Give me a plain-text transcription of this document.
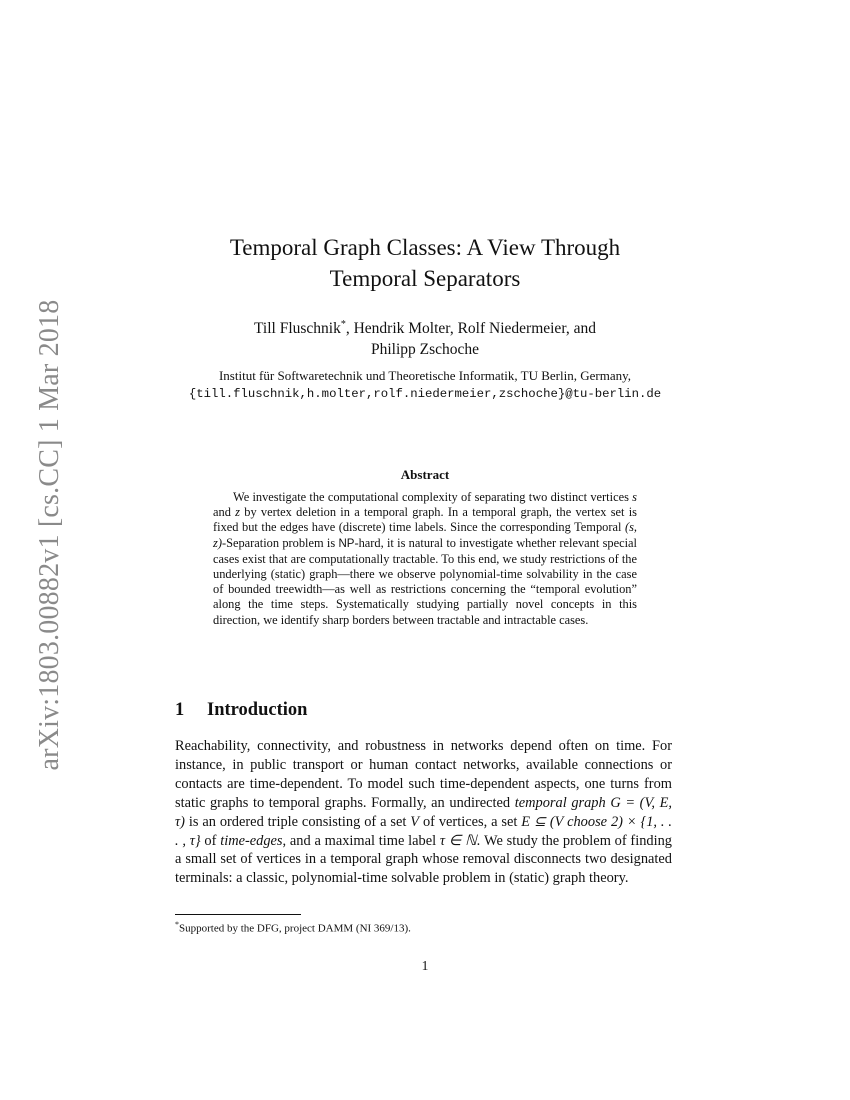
arXiv:1803.00882v1 [cs.CC] 1 Mar 2018
Temporal Graph Classes: A View Through
Temporal Separators
Till Fluschnik*, Hendrik Molter, Rolf Niedermeier, and
Philipp Zschoche
Institut für Softwaretechnik und Theoretische Informatik, TU Berlin, Germany,
{till.fluschnik,h.molter,rolf.niedermeier,zschoche}@tu-berlin.de
Abstract

We investigate the computational complexity of separating two distinct vertices s and z by vertex deletion in a temporal graph. In a temporal graph, the vertex set is fixed but the edges have (discrete) time labels. Since the corresponding Temporal (s, z)-Separation problem is NP-hard, it is natural to investigate whether relevant special cases exist that are computationally tractable. To this end, we study restrictions of the underlying (static) graph—there we observe polynomial-time solvability in the case of bounded treewidth—as well as restrictions concerning the “temporal evolution” along the time steps. Systematically studying partially novel concepts in this direction, we identify sharp borders between tractable and intractable cases.

1 Introduction

Reachability, connectivity, and robustness in networks depend often on time. For instance, in public transport or human contact networks, available connections or contacts are time-dependent. To model such time-dependent aspects, one turns from static graphs to temporal graphs. Formally, an undirected temporal graph G = (V, E, τ) is an ordered triple consisting of a set V of vertices, a set E ⊆ (V choose 2) × {1, . . . , τ} of time-edges, and a maximal time label τ ∈ ℕ. We study the problem of finding a small set of vertices in a temporal graph whose removal disconnects two designated terminals: a classic, polynomial-time solvable problem in (static) graph theory.

*Supported by the DFG, project DAMM (NI 369/13).
1
